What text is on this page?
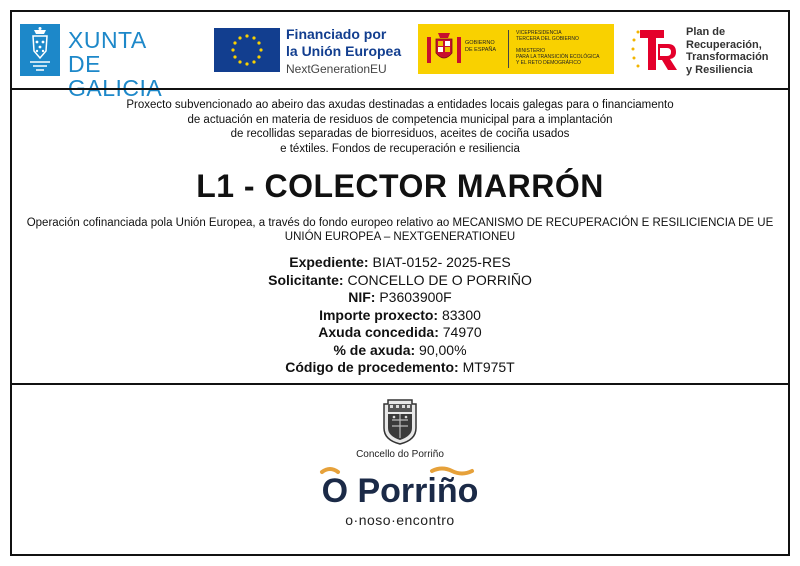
XUNTA
DE GALICIA
Financiado por
la Unión Europea
NextGenerationEU
GOBIERNO
DE ESPAÑA
VICEPRESIDENCIA
TERCERA DEL GOBIERNO
MINISTERIO
PARA LA TRANSICIÓN ECOLÓGICA
Y EL RETO DEMOGRÁFICO
Plan de
Recuperación,
Transformación
y Resiliencia
Proxecto subvencionado ao abeiro das axudas destinadas a entidades locais galegas para o financiamento
de actuación en materia de residuos de competencia municipal para a implantación
de recollidas separadas de biorresiduos, aceites de cociña usados
e téxtiles. Fondos de recuperación e resiliencia
L1 - COLECTOR MARRÓN
Operación cofinanciada pola Unión Europea, a través do fondo europeo relativo ao MECANISMO DE RECUPERACIÓN E RESILICIENCIA DE UE
UNIÓN EUROPEA – NEXTGENERATIONEU
Expediente: BIAT-0152- 2025-RES
Solicitante: CONCELLO DE O PORRIÑO
NIF: P3603900F
Importe proxecto: 83300
Axuda concedida: 74970
% de axuda: 90,00%
Código de procedemento: MT975T
Concello do Porriño
O Porriño
o·noso·encontro
